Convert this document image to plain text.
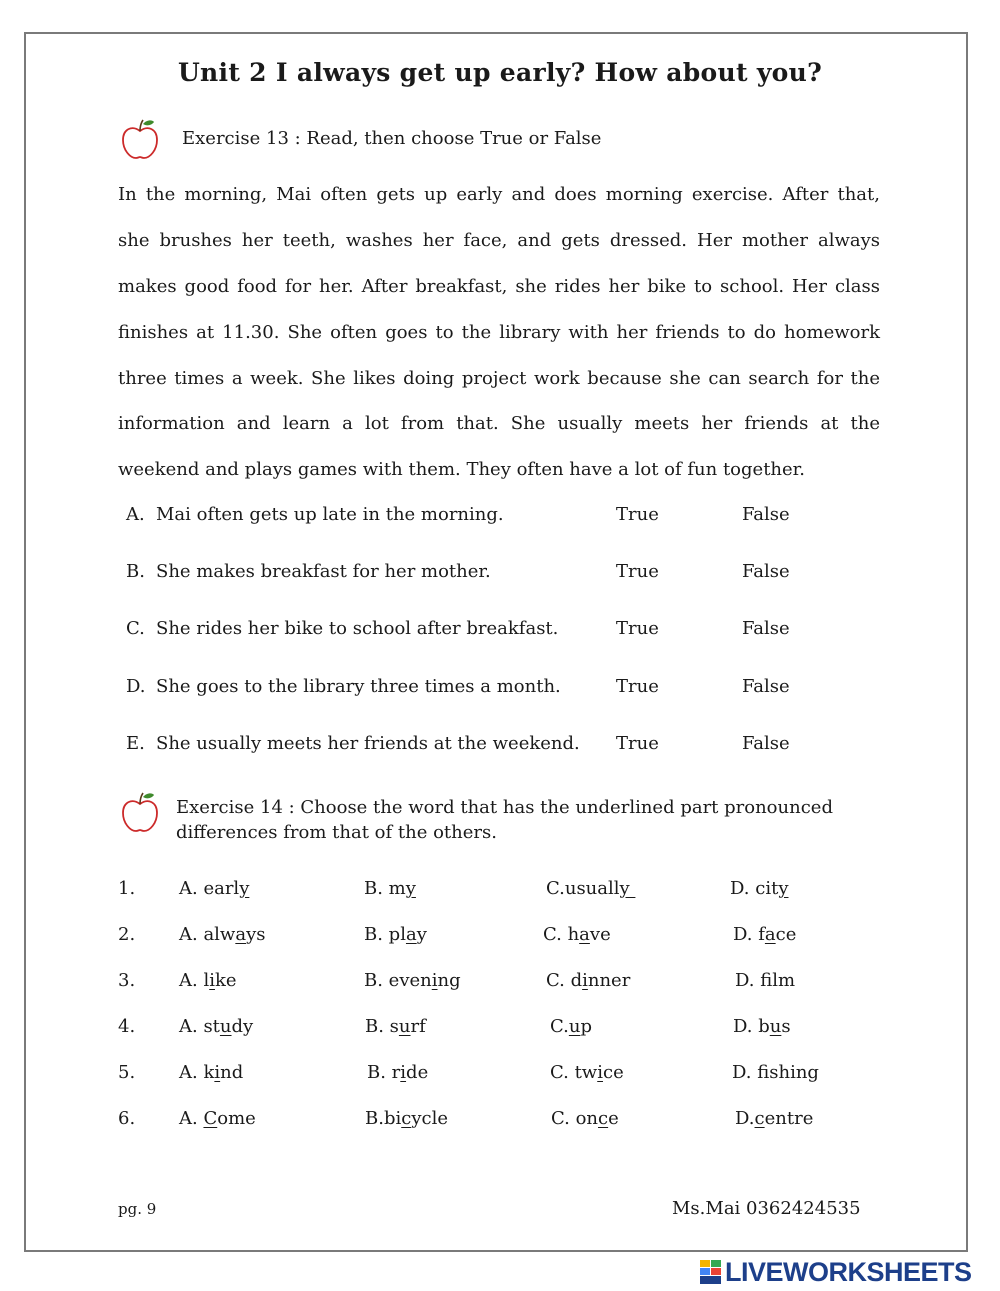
Unit 2 I always get up early? How about you?
Exercise 13 : Read, then choose True or False
In the morning, Mai often gets up early and does morning exercise. After that,
she brushes her teeth, washes her face, and gets dressed. Her mother always
makes good food for her. After breakfast, she rides her bike to school. Her class
finishes at 11.30. She often goes to the library with her friends to do homework
three times a week. She likes doing project work because she can search for the
information and learn a lot from that. She usually meets her friends at the
weekend and plays games with them. They often have a lot of fun together.
A. Mai often gets up late in the morning.	True	False
B. She makes breakfast for her mother.	True	False
C. She rides her bike to school after breakfast.	True	False
D. She goes to the library three times a month.	True	False
E. She usually meets her friends at the weekend. True	False
Exercise 14 : Choose the word that has the underlined part pronounced
differences from that of the others.
1. A. early	B. my	C.usually	D. city
2. A. always	B. play	C. have	D. face
3. A. like	B. evening	C. dinner	D. flm
4. A. study	B. surf	C.up	D. bus
5. A. kind	B. ride	C. twice	D. fshing
6. A. Come	B.bicycle	C. once	D.centre
pg. 9	Ms.Mai 0362424535
LIVEWORKSHEETS
